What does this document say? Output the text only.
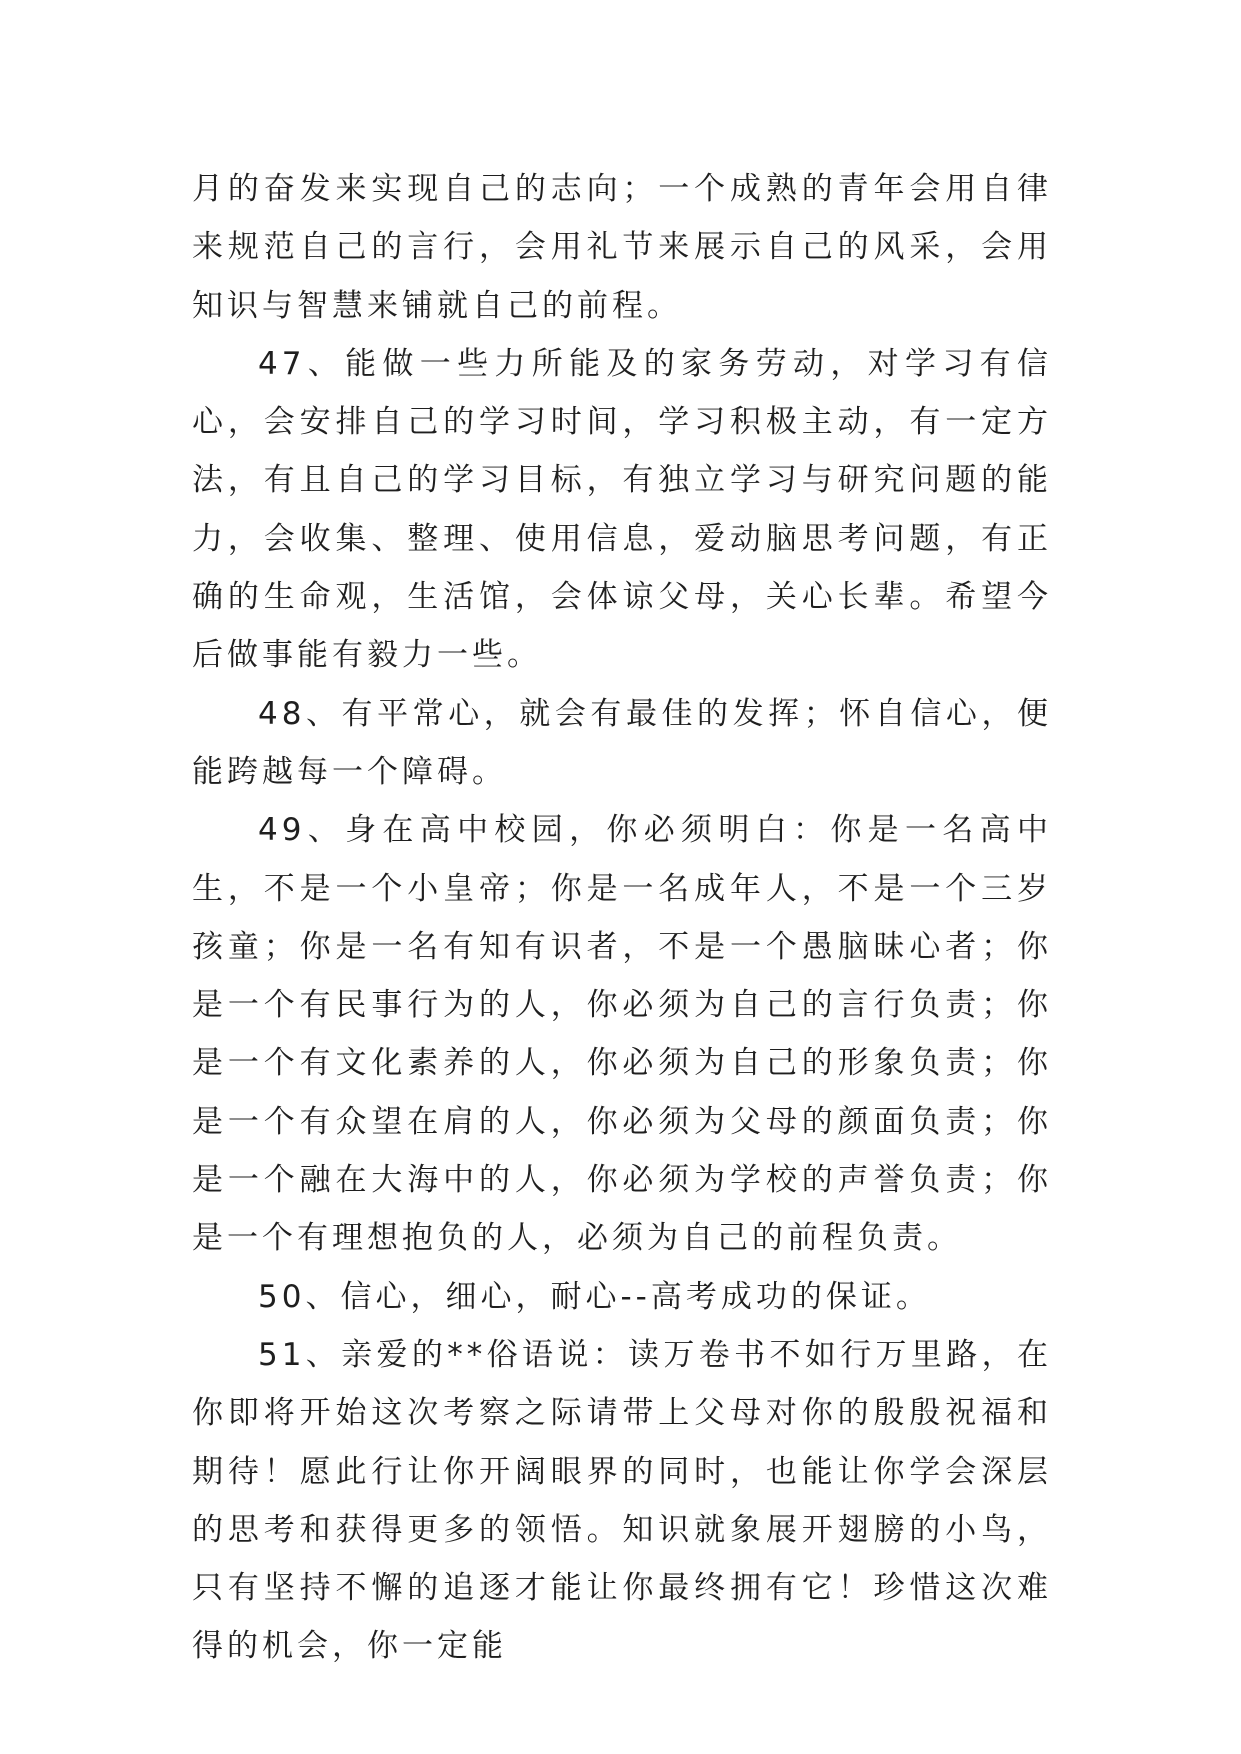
月的奋发来实现自己的志向；一个成熟的青年会用自律来规范自己的言行，会用礼节来展示自己的风采，会用知识与智慧来铺就自己的前程。

47、能做一些力所能及的家务劳动，对学习有信心，会安排自己的学习时间，学习积极主动，有一定方法，有且自己的学习目标，有独立学习与研究问题的能力，会收集、整理、使用信息，爱动脑思考问题，有正确的生命观，生活馆，会体谅父母，关心长辈。希望今后做事能有毅力一些。

48、有平常心，就会有最佳的发挥；怀自信心，便能跨越每一个障碍。

49、身在高中校园，你必须明白：你是一名高中生，不是一个小皇帝；你是一名成年人，不是一个三岁孩童；你是一名有知有识者，不是一个愚脑昧心者；你是一个有民事行为的人，你必须为自己的言行负责；你是一个有文化素养的人，你必须为自己的形象负责；你是一个有众望在肩的人，你必须为父母的颜面负责；你是一个融在大海中的人，你必须为学校的声誉负责；你是一个有理想抱负的人，必须为自己的前程负责。

50、信心，细心，耐心--高考成功的保证。

51、亲爱的**俗语说：读万卷书不如行万里路，在你即将开始这次考察之际请带上父母对你的殷殷祝福和期待！愿此行让你开阔眼界的同时，也能让你学会深层的思考和获得更多的领悟。知识就象展开翅膀的小鸟，只有坚持不懈的追逐才能让你最终拥有它！珍惜这次难得的机会，你一定能
